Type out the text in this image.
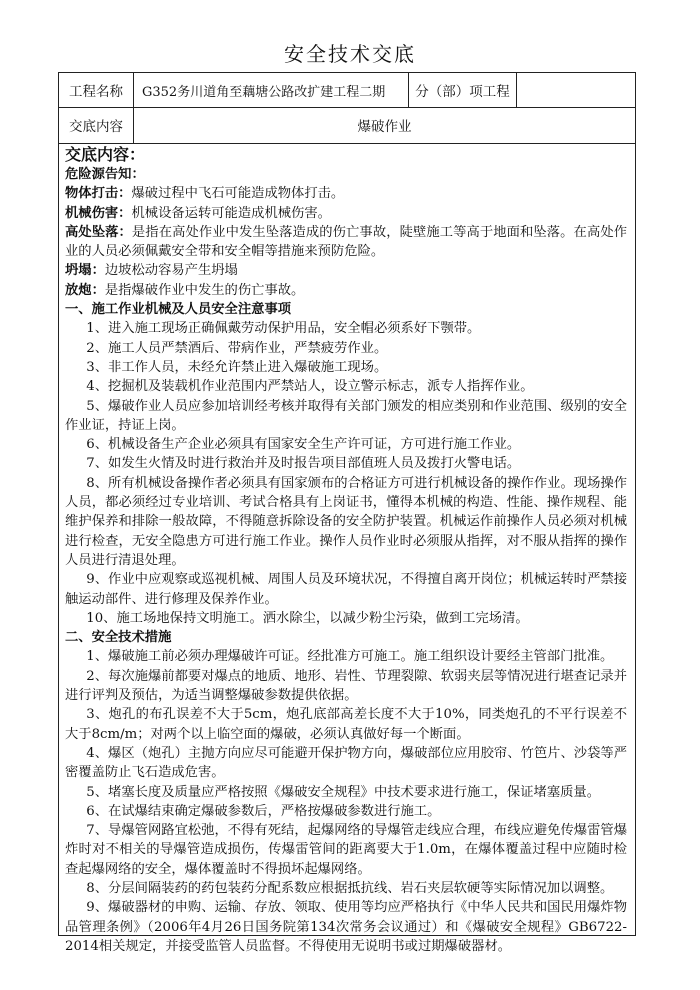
安全技术交底
工程名称	G352务川道角至藕塘公路改扩建工程二期	分（部）项工程
交底内容	爆破作业

交底内容：

危险源告知：

物体打击：爆破过程中飞石可能造成物体打击。

机械伤害：机械设备运转可能造成机械伤害。

高处坠落：是指在高处作业中发生坠落造成的伤亡事故，陡壁施工等高于地面和坠落。在高处作业的人员必须佩戴安全带和安全帽等措施来预防危险。

坍塌：边坡松动容易产生坍塌

放炮：是指爆破作业中发生的伤亡事故。

一、施工作业机械及人员安全注意事项

1、进入施工现场正确佩戴劳动保护用品，安全帽必须系好下颚带。

2、施工人员严禁酒后、带病作业，严禁疲劳作业。

3、非工作人员，未经允许禁止进入爆破施工现场。

4、挖掘机及装载机作业范围内严禁站人，设立警示标志，派专人指挥作业。

5、爆破作业人员应参加培训经考核并取得有关部门颁发的相应类别和作业范围、级别的安全作业证，持证上岗。

6、机械设备生产企业必须具有国家安全生产许可证，方可进行施工作业。

7、如发生火情及时进行救治并及时报告项目部值班人员及拨打火警电话。

8、所有机械设备操作者必须具有国家颁布的合格证方可进行机械设备的操作作业。现场操作人员，都必须经过专业培训、考试合格具有上岗证书，懂得本机械的构造、性能、操作规程、能维护保养和排除一般故障，不得随意拆除设备的安全防护装置。机械运作前操作人员必须对机械进行检查，无安全隐患方可进行施工作业。操作人员作业时必须服从指挥，对不服从指挥的操作人员进行清退处理。

9、作业中应观察或巡视机械、周围人员及环境状况，不得擅自离开岗位；机械运转时严禁接触运动部件、进行修理及保养作业。

10、施工场地保持文明施工。洒水除尘，以减少粉尘污染，做到工完场清。

二、安全技术措施

1、爆破施工前必须办理爆破许可证。经批准方可施工。施工组织设计要经主管部门批准。

2、每次施爆前都要对爆点的地质、地形、岩性、节理裂隙、软弱夹层等情况进行堪查记录并进行评判及预估，为适当调整爆破参数提供依据。

3、炮孔的布孔误差不大于5cm，炮孔底部高差长度不大于10%，同类炮孔的不平行误差不大于8cm/m；对两个以上临空面的爆破，必须认真做好每一个断面。

4、爆区（炮孔）主抛方向应尽可能避开保护物方向，爆破部位应用胶帘、竹笆片、沙袋等严密覆盖防止飞石造成危害。

5、堵塞长度及质量应严格按照《爆破安全规程》中技术要求进行施工，保证堵塞质量。

6、在试爆结束确定爆破参数后，严格按爆破参数进行施工。

7、导爆管网路宜松弛，不得有死结，起爆网络的导爆管走线应合理，布线应避免传爆雷管爆炸时对不相关的导爆管造成损伤，传爆雷管间的距离要大于1.0m，在爆体覆盖过程中应随时检查起爆网络的安全，爆体覆盖时不得损坏起爆网络。

8、分层间隔装药的药包装药分配系数应根据抵抗线、岩石夹层软硬等实际情况加以调整。

9、爆破器材的申购、运输、存放、领取、使用等均应严格执行《中华人民共和国民用爆炸物品管理条例》（2006年4月26日国务院第134次常务会议通过）和《爆破安全规程》GB6722-2014相关规定，并接受监管人员监督。不得使用无说明书或过期爆破器材。
